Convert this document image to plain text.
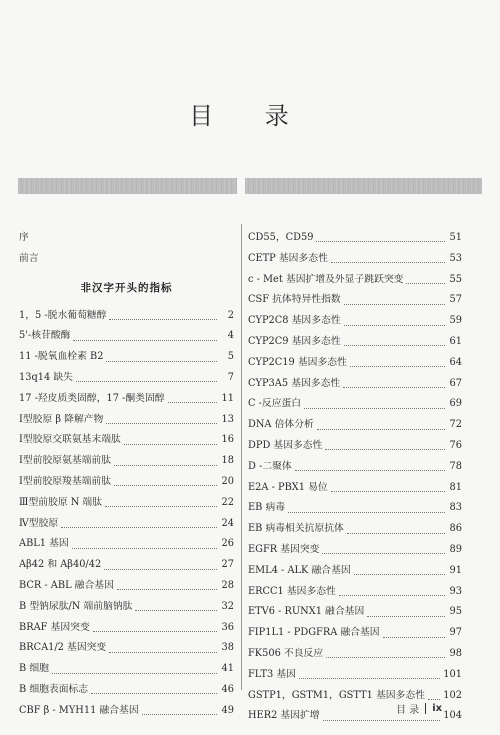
目 录
序
前言
非汉字开头的指标
1，5 -脱水葡萄糖醇	2
5'-核苷酸酶	4
11 -脱氧血栓素 B2	5
13q14 缺失	7
17 -羟皮质类固醇，17 -酮类固醇	11
Ⅰ型胶原 β 降解产物	13
Ⅰ型胶原交联氨基末端肽	16
Ⅰ型前胶原氨基端前肽	18
Ⅰ型前胶原羧基端前肽	20
Ⅲ型前胶原 N 端肽	22
Ⅳ型胶原	24
ABL1 基因	26
Aβ42 和 Aβ40/42	27
BCR - ABL 融合基因	28
B 型钠尿肽/N 端前脑钠肽	32
BRAF 基因突变	36
BRCA1/2 基因突变	38
B 细胞	41
B 细胞表面标志	46
CBF β - MYH11 融合基因	49
CD55，CD59	51
CETP 基因多态性	53
c - Met 基因扩增及外显子跳跃突变	55
CSF 抗体特异性指数	57
CYP2C8 基因多态性	59
CYP2C9 基因多态性	61
CYP2C19 基因多态性	64
CYP3A5 基因多态性	67
C -反应蛋白	69
DNA 倍体分析	72
DPD 基因多态性	76
D -二聚体	78
E2A - PBX1 易位	81
EB 病毒	83
EB 病毒相关抗原抗体	86
EGFR 基因突变	89
EML4 - ALK 融合基因	91
ERCC1 基因多态性	93
ETV6 - RUNX1 融合基因	95
FIP1L1 - PDGFRA 融合基因	97
FK506 不良反应	98
FLT3 基因	101
GSTP1，GSTM1，GSTT1 基因多态性 102
HER2 基因扩增	104
目 录 ix
